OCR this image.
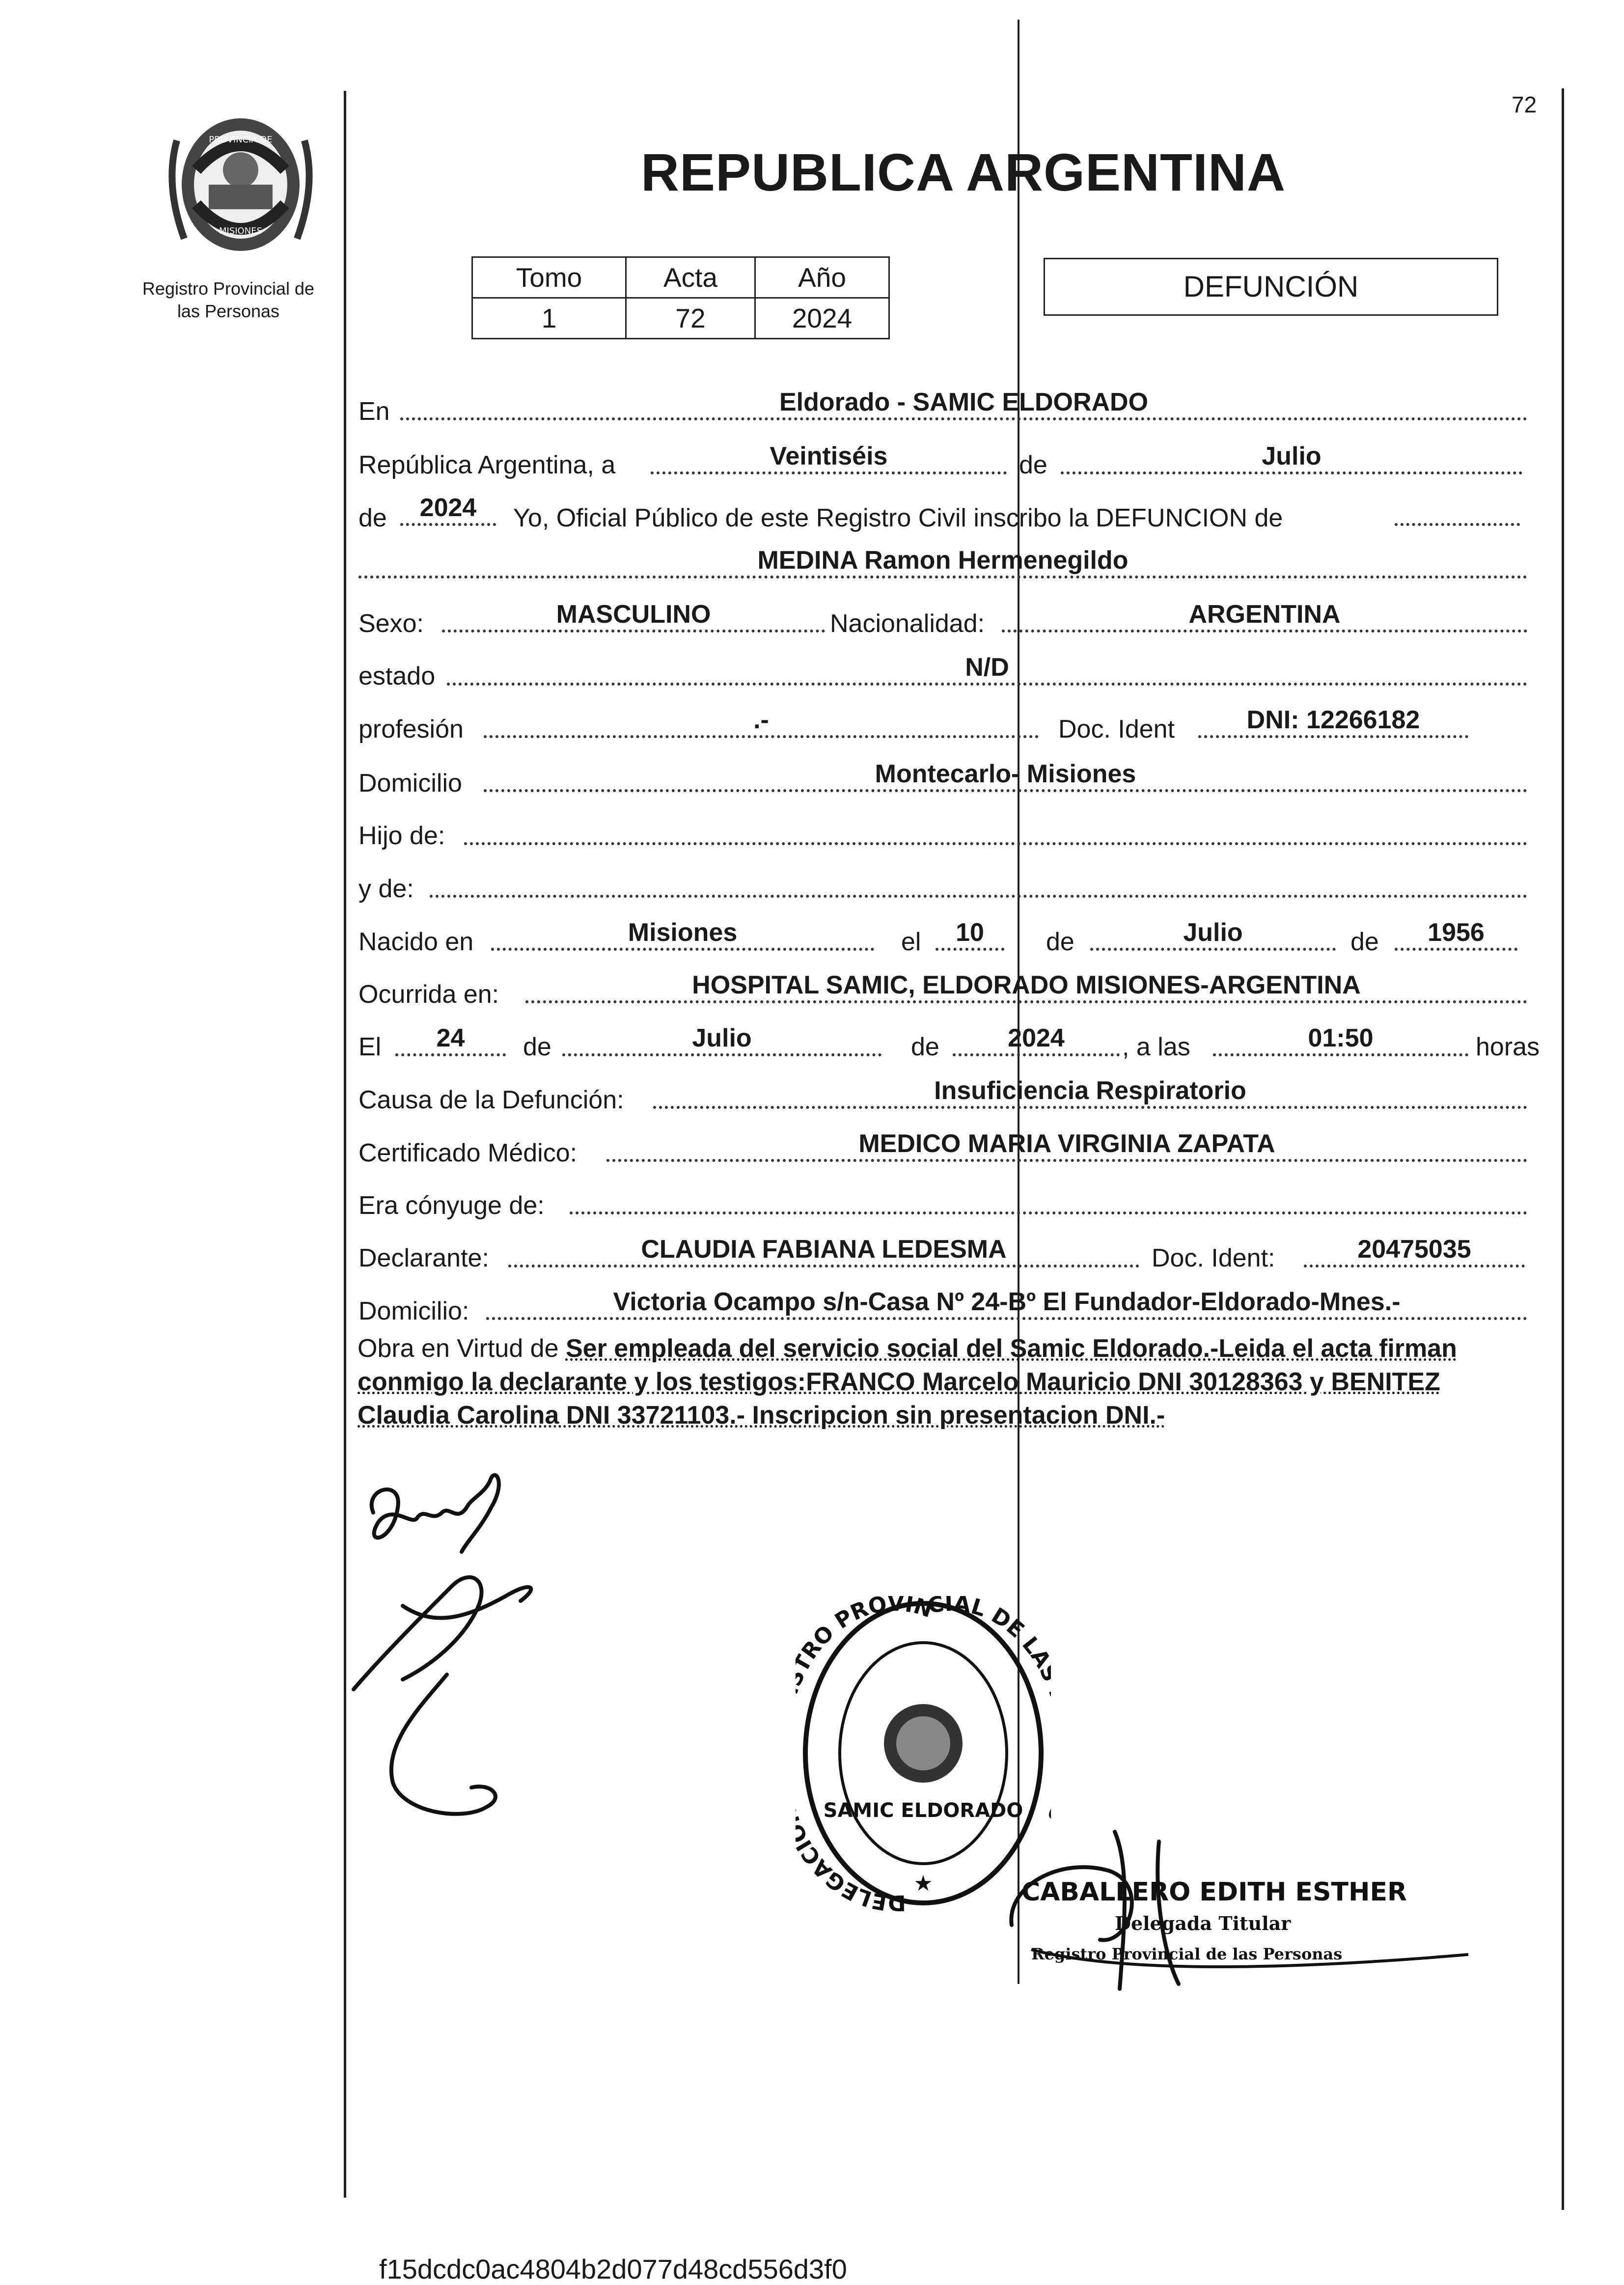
72
PROVINCIA DE
MISIONES
Registro Provincial de
las Personas
REPUBLICA ARGENTINA
Tomo	Acta	Año
1	72	2024
DEFUNCIÓN
En	Eldorado - SAMIC ELDORADO
República Argentina, a	Veintiséis	de	Julio
de	2024	Yo, Oficial Público de este Registro Civil inscribo la DEFUNCION de
MEDINA Ramon Hermenegildo
Sexo:	MASCULINO	Nacionalidad:	ARGENTINA
estado	N/D
profesión	.-	Doc. Ident	DNI: 12266182
Domicilio	Montecarlo- Misiones
Hijo de:
y de:
Nacido en	Misiones	el	10	de	Julio	de	1956
Ocurrida en:	HOSPITAL SAMIC, ELDORADO MISIONES-ARGENTINA
El	24	de	Julio	de	2024	, a las	01:50	horas
Causa de la Defunción:	Insuficiencia Respiratorio
Certificado Médico:	MEDICO MARIA VIRGINIA ZAPATA
Era cónyuge de:
Declarante:	CLAUDIA FABIANA LEDESMA	Doc. Ident:	20475035
Domicilio:	Victoria Ocampo s/n-Casa Nº 24-Bº El Fundador-Eldorado-Mnes.-
Obra en Virtud de Ser empleada del servicio social del Samic Eldorado.-Leida el acta firman conmigo la declarante y los testigos:FRANCO Marcelo Mauricio DNI 30128363 y BENITEZ Claudia Carolina DNI 33721103.- Inscripcion sin presentacion DNI.-
DELEGAC RO PROVINCIAL DE L
SAMIC ELDORADO
★	CABALLERO EDITH ESTHER
Delegada Titular
Registro Provincial de las Personas
f15dcdc0ac4804b2d077d48cd556d3f0
